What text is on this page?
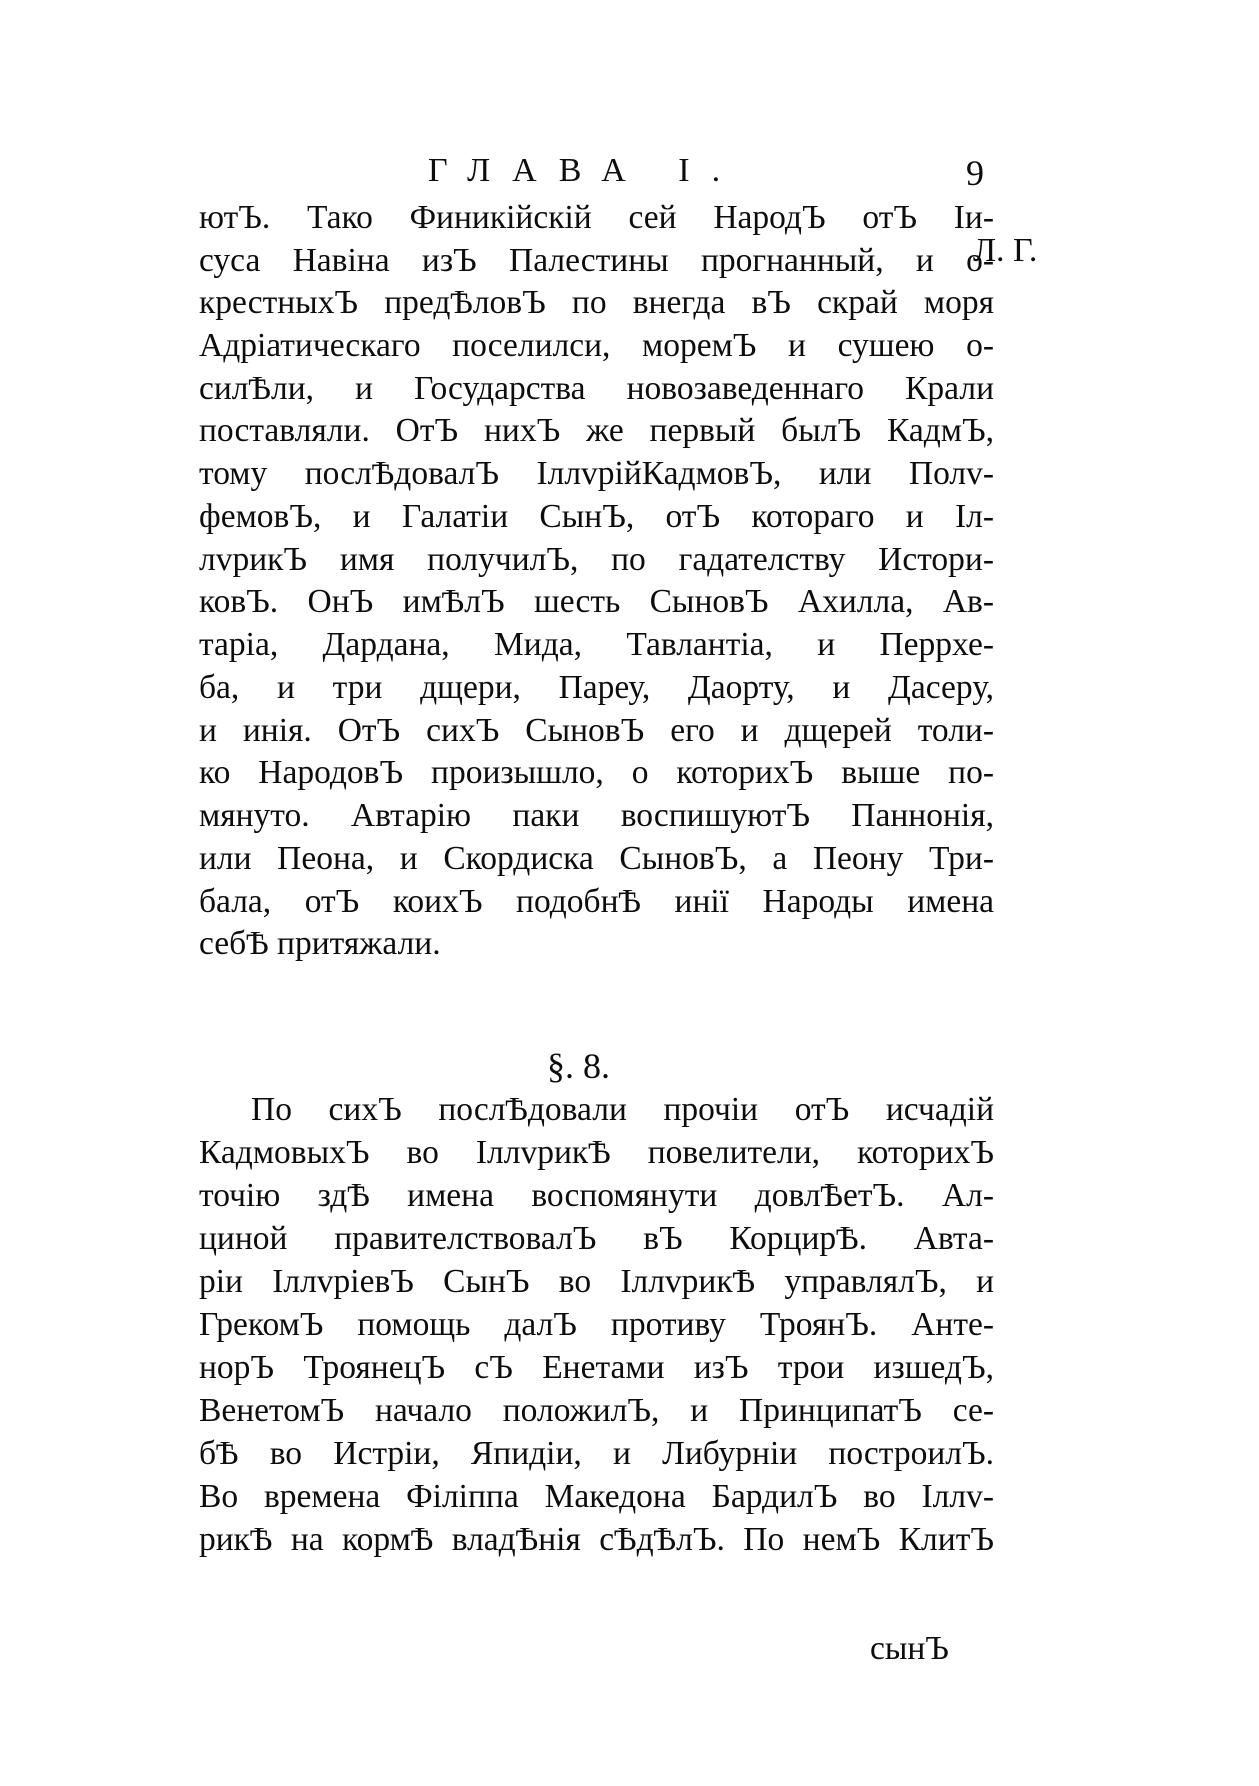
ГЛАВА I.	9
Л. Г.
ютЪ. Тако Финикійскій сей НародЪ отЪ Іи-
суса Навіна изЪ Палестины прогнанный, и о-
крестныхЪ предѢловЪ по внегда вЪ скрай моря
Адріатическаго поселилси, моремЪ и сушею о-
силѢли, и Государства новозаведеннаго Крали
поставляли. ОтЪ нихЪ же первый былЪ КадмЪ,
тому послѢдовалЪ ІллvрійКадмовЪ, или Полv-
фемовЪ, и Галатіи СынЪ, отЪ котораго и Іл-
лvрикЪ имя получилЪ, по гадателству Истори-
ковЪ. ОнЪ имѢлЪ шесть СыновЪ Ахилла, Ав-
таріа, Дардана, Мида, Тавлантіа, и Перрхе-
ба, и три дщери, Пареу, Даорту, и Дасеру,
и инія. ОтЪ сихЪ СыновЪ его и дщерей толи-
ко НародовЪ произышло, о которихЪ выше по-
мянуто. Автарію паки воспишуютЪ Паннонія,
или Пеона, и Скордиска СыновЪ, а Пеону Три-
бала, отЪ коихЪ подобнѢ инії Народы имена
себѢ притяжали.
§. 8.
По сихЪ послѢдовали прочіи отЪ исчадій
КадмовыхЪ во ІллvрикѢ повелители, которихЪ
точію здѢ имена воспомянути довлѢетЪ. Ал-
циной правителствовалЪ вЪ КорцирѢ. Авта-
ріи ІллvріевЪ СынЪ во ІллvрикѢ управлялЪ, и
ГрекомЪ помощь далЪ противу ТроянЪ. Анте-
норЪ ТроянецЪ сЪ Енетами изЪ трои изшедЪ,
ВенетомЪ начало положилЪ, и ПринципатЪ се-
бѢ во Истріи, Япидіи, и Либурніи построилЪ.
Во времена Філіппа Македона БардилЪ во Іллv-
рикѢ на кормѢ владѢнія сѢдѢлЪ. По немЪ КлитЪ
сынЪ
